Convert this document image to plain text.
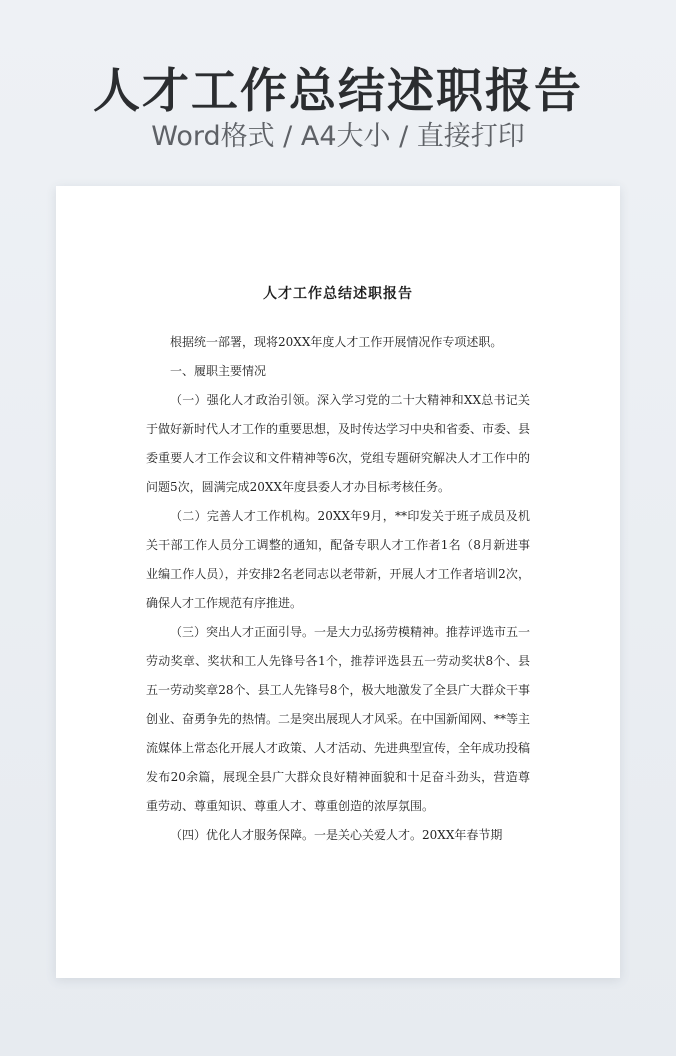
人才工作总结述职报告
Word格式 / A4大小 / 直接打印
人才工作总结述职报告

根据统一部署，现将20XX年度人才工作开展情况作专项述职。

一、履职主要情况

（一）强化人才政治引领。深入学习党的二十大精神和XX总书记关于做好新时代人才工作的重要思想，及时传达学习中央和省委、市委、县委重要人才工作会议和文件精神等6次，党组专题研究解决人才工作中的问题5次，圆满完成20XX年度县委人才办目标考核任务。

（二）完善人才工作机构。20XX年9月，**印发关于班子成员及机关干部工作人员分工调整的通知，配备专职人才工作者1名（8月新进事业编工作人员），并安排2名老同志以老带新，开展人才工作者培训2次，确保人才工作规范有序推进。

（三）突出人才正面引导。一是大力弘扬劳模精神。推荐评选市五一劳动奖章、奖状和工人先锋号各1个，推荐评选县五一劳动奖状8个、县五一劳动奖章28个、县工人先锋号8个，极大地激发了全县广大群众干事创业、奋勇争先的热情。二是突出展现人才风采。在中国新闻网、**等主流媒体上常态化开展人才政策、人才活动、先进典型宣传，全年成功投稿发布20余篇，展现全县广大群众良好精神面貌和十足奋斗劲头，营造尊重劳动、尊重知识、尊重人才、尊重创造的浓厚氛围。

（四）优化人才服务保障。一是关心关爱人才。20XX年春节期
